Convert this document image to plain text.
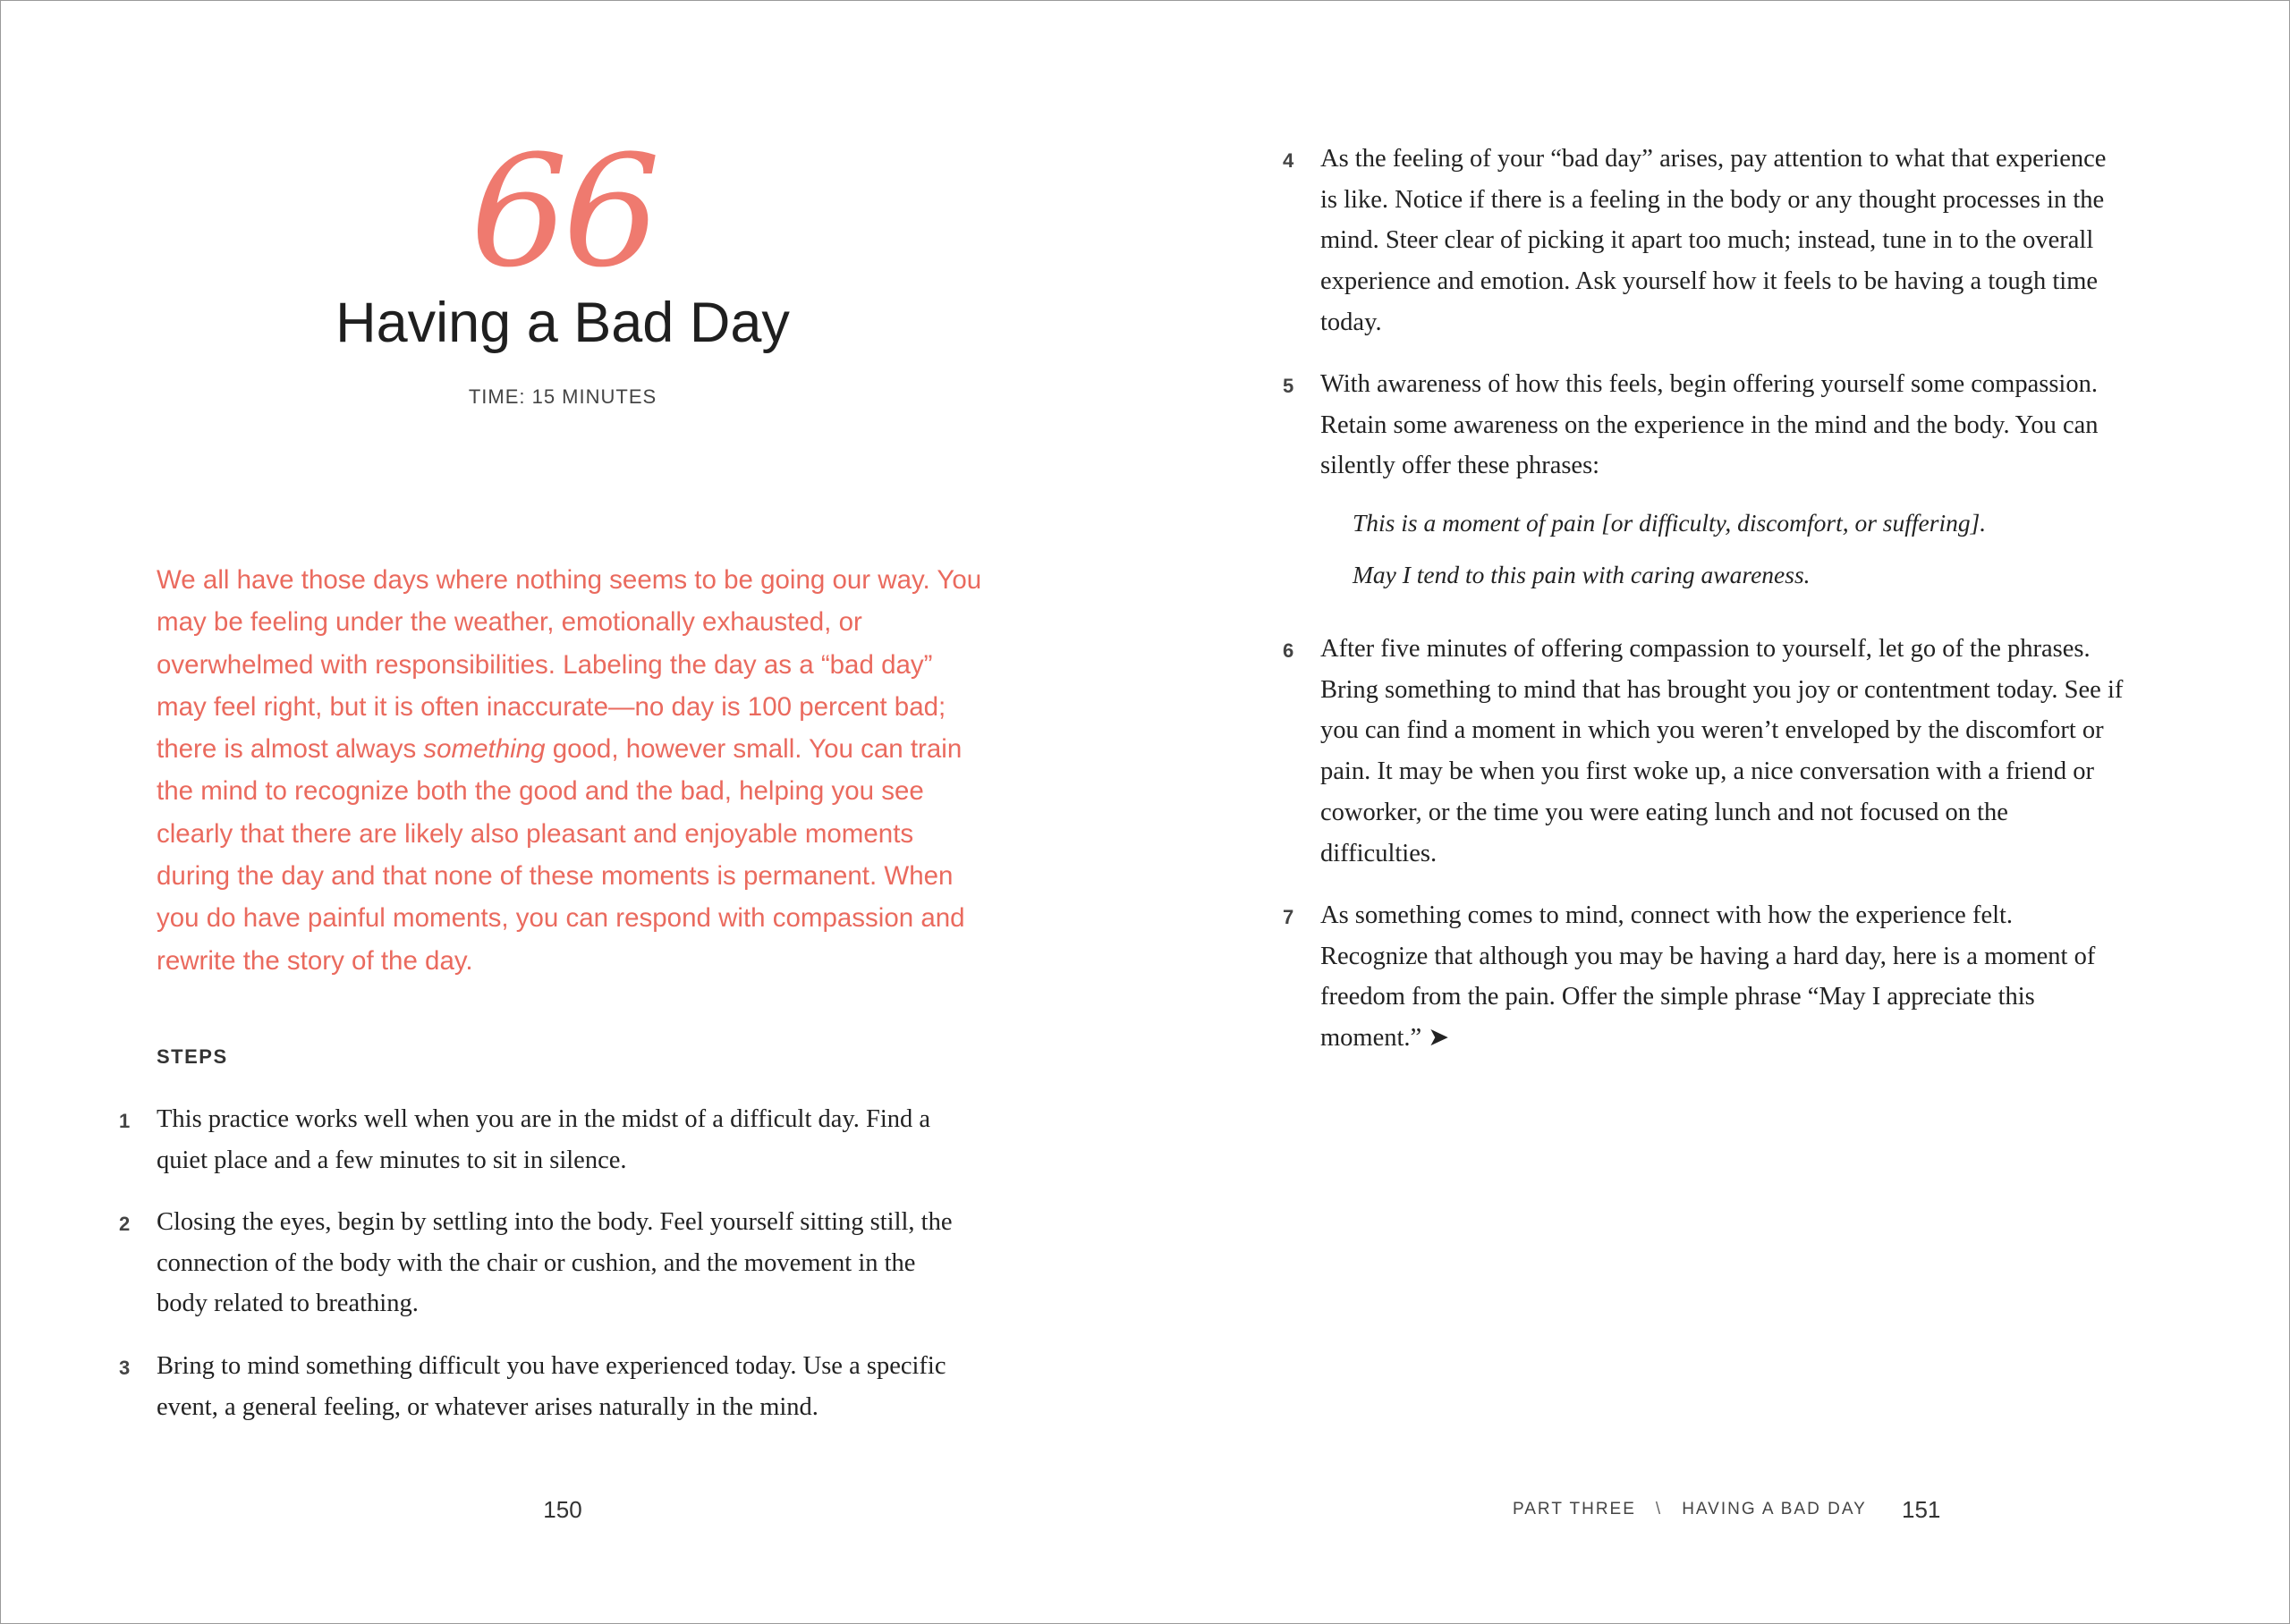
66
Having a Bad Day
TIME: 15 MINUTES

We all have those days where nothing seems to be going our way. You may be feeling under the weather, emotionally exhausted, or overwhelmed with responsibilities. Labeling the day as a “bad day” may feel right, but it is often inaccurate—no day is 100 percent bad; there is almost always something good, however small. You can train the mind to recognize both the good and the bad, helping you see clearly that there are likely also pleasant and enjoyable moments during the day and that none of these moments is permanent. When you do have painful moments, you can respond with compassion and rewrite the story of the day.

STEPS
1 This practice works well when you are in the midst of a difficult day. Find a quiet place and a few minutes to sit in silence.

2 Closing the eyes, begin by settling into the body. Feel yourself sitting still, the connection of the body with the chair or cushion, and the movement in the body related to breathing.

3 Bring to mind something difficult you have experienced today. Use a specific event, a general feeling, or whatever arises naturally in the mind.

150
4 As the feeling of your “bad day” arises, pay attention to what that experience is like. Notice if there is a feeling in the body or any thought processes in the mind. Steer clear of picking it apart too much; instead, tune in to the overall experience and emotion. Ask yourself how it feels to be having a tough time today.

5 With awareness of how this feels, begin offering yourself some compassion. Retain some awareness on the experience in the mind and the body. You can silently offer these phrases:

This is a moment of pain [or difficulty, discomfort, or suffering].
May I tend to this pain with caring awareness.
6 After five minutes of offering compassion to yourself, let go of the phrases. Bring something to mind that has brought you joy or contentment today. See if you can find a moment in which you weren’t enveloped by the discomfort or pain. It may be when you first woke up, a nice conversation with a friend or coworker, or the time you were eating lunch and not focused on the difficulties.

7 As something comes to mind, connect with how the experience felt. Recognize that although you may be having a hard day, here is a moment of freedom from the pain. Offer the simple phrase “May I appreciate this moment.” ➤

PART THREE \ HAVING A BAD DAY 151
